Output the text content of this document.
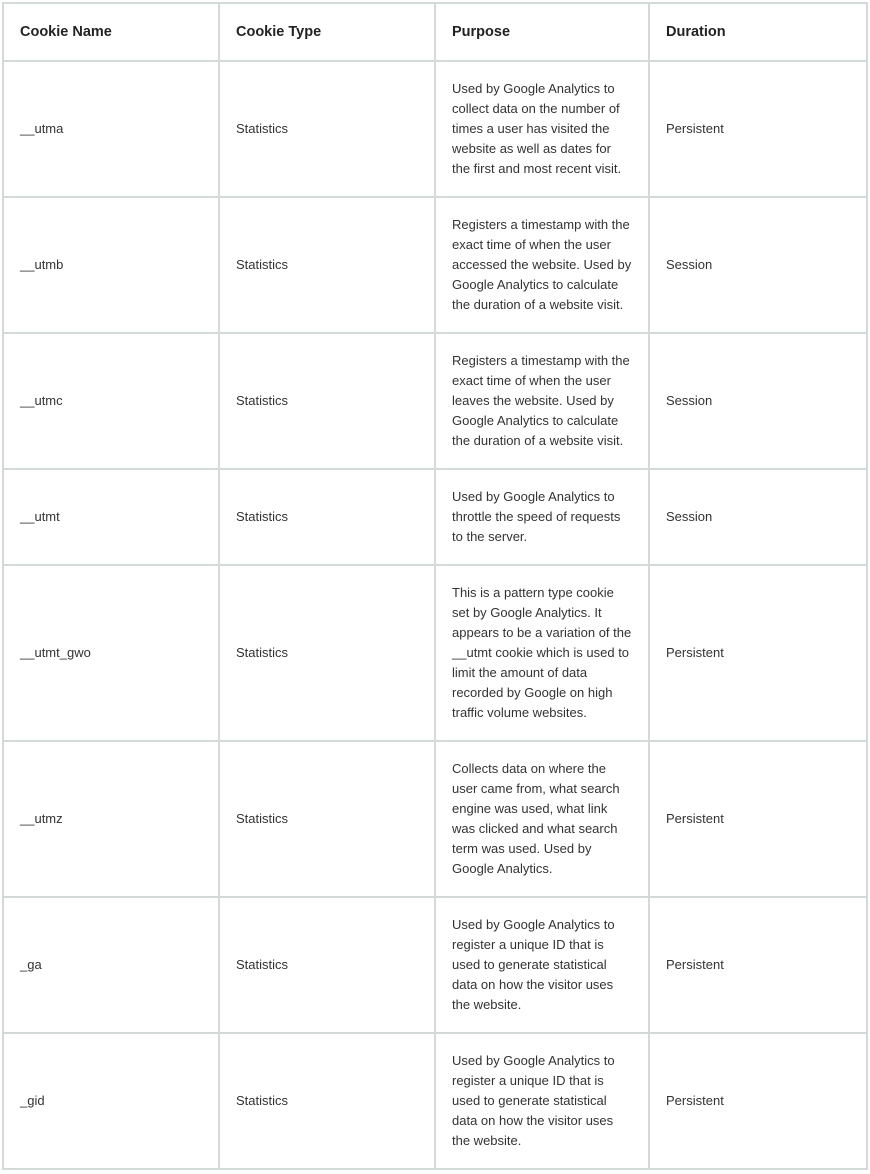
Cookie Name	Cookie Type	Purpose	Duration
__utma	Statistics	Used by Google Analytics to collect data on the number of times a user has visited the website as well as dates for the first and most recent visit.	Persistent
__utmb	Statistics	Registers a timestamp with the exact time of when the user accessed the website. Used by Google Analytics to calculate the duration of a website visit.	Session
__utmc	Statistics	Registers a timestamp with the exact time of when the user leaves the website. Used by Google Analytics to calculate the duration of a website visit.	Session
__utmt	Statistics	Used by Google Analytics to throttle the speed of requests to the server.	Session
__utmt_gwo	Statistics	This is a pattern type cookie set by Google Analytics. It appears to be a variation of the __utmt cookie which is used to limit the amount of data recorded by Google on high traffic volume websites.	Persistent
__utmz	Statistics	Collects data on where the user came from, what search engine was used, what link was clicked and what search term was used. Used by Google Analytics.	Persistent
_ga	Statistics	Used by Google Analytics to register a unique ID that is used to generate statistical data on how the visitor uses the website.	Persistent
_gid	Statistics	Used by Google Analytics to register a unique ID that is used to generate statistical data on how the visitor uses the website.	Persistent
